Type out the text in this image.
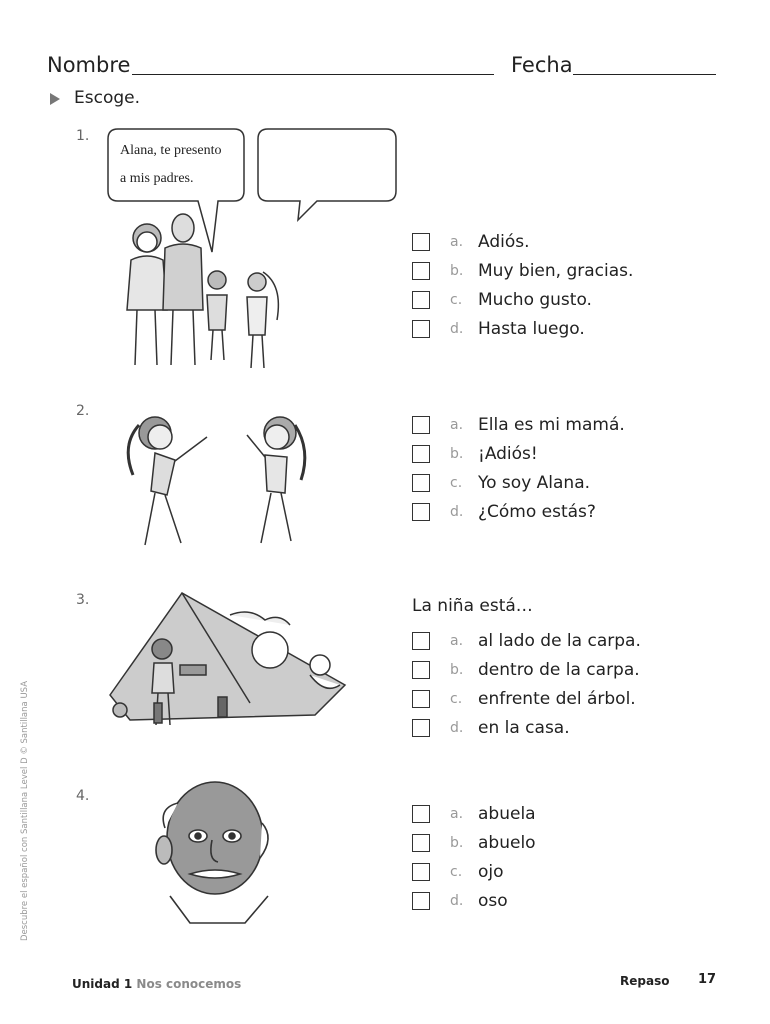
Nombre	Fecha
Escoge.
1.
Alana, te presento
a mis padres.
a. Adiós.
b. Muy bien, gracias.
c. Mucho gusto.
d. Hasta luego.
2.
a. Ella es mi mamá.
b. ¡Adiós!
c. Yo soy Alana.
d. ¿Cómo estás?
3.	La niña está…
a. al lado de la carpa.
b. dentro de la carpa.
c. enfrente del árbol.
d. en la casa.
4.
a. abuela
b. abuelo
c. ojo
d. oso
Descubre el español con Santillana Level D © Santillana USA
Unidad 1 Nos conocemos	Repaso 17
